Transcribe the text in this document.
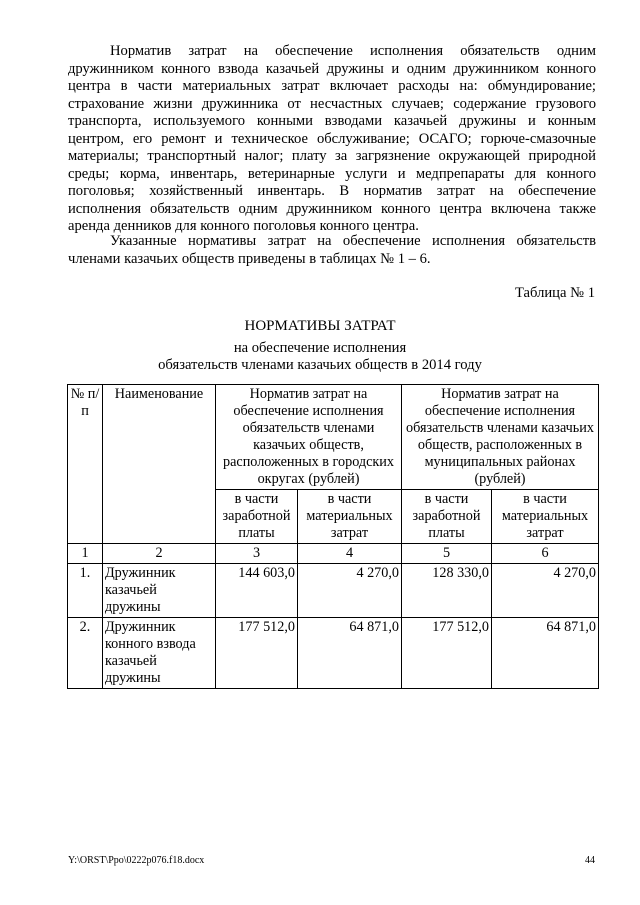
Норматив затрат на обеспечение исполнения обязательств одним дружинником конного взвода казачьей дружины и одним дружинником конного центра в части материальных затрат включает расходы на: обмундирование; страхование жизни дружинника от несчастных случаев; содержание грузового транспорта, используемого конными взводами казачьей дружины и конным центром, его ремонт и техническое обслуживание; ОСАГО; горюче-смазочные материалы; транспортный налог; плату за загрязнение окружающей природной среды; корма, инвентарь, ветеринарные услуги и медпрепараты для конного поголовья; хозяйственный инвентарь. В норматив затрат на обеспечение исполнения обязательств одним дружинником конного центра включена также аренда денников для конного поголовья конного центра.

Указанные нормативы затрат на обеспечение исполнения обязательств членами казачьих обществ приведены в таблицах № 1 – 6.

Таблица № 1

НОРМАТИВЫ ЗАТРАТ

на обеспечение исполнения

обязательств членами казачьих обществ в 2014 году

№ п/п	Наименование	Норматив затрат на обеспечение исполнения обязательств членами казачьих обществ, расположенных в городских округах (рублей)		Норматив затрат на обеспечение исполнения обязательств членами казачьих обществ, расположенных в муниципальных районах (рублей)	
		в части заработной платы	в части материальных затрат	в части заработной платы	в части материальных затрат
1	2	3	4	5	6
1.	Дружинник казачьей дружины	144 603,0	4 270,0	128 330,0	4 270,0
2.	Дружинник конного взвода казачьей дружины	177 512,0	64 871,0	177 512,0	64 871,0
Y:\ORST\Ppo\0222p076.f18.docx	44
